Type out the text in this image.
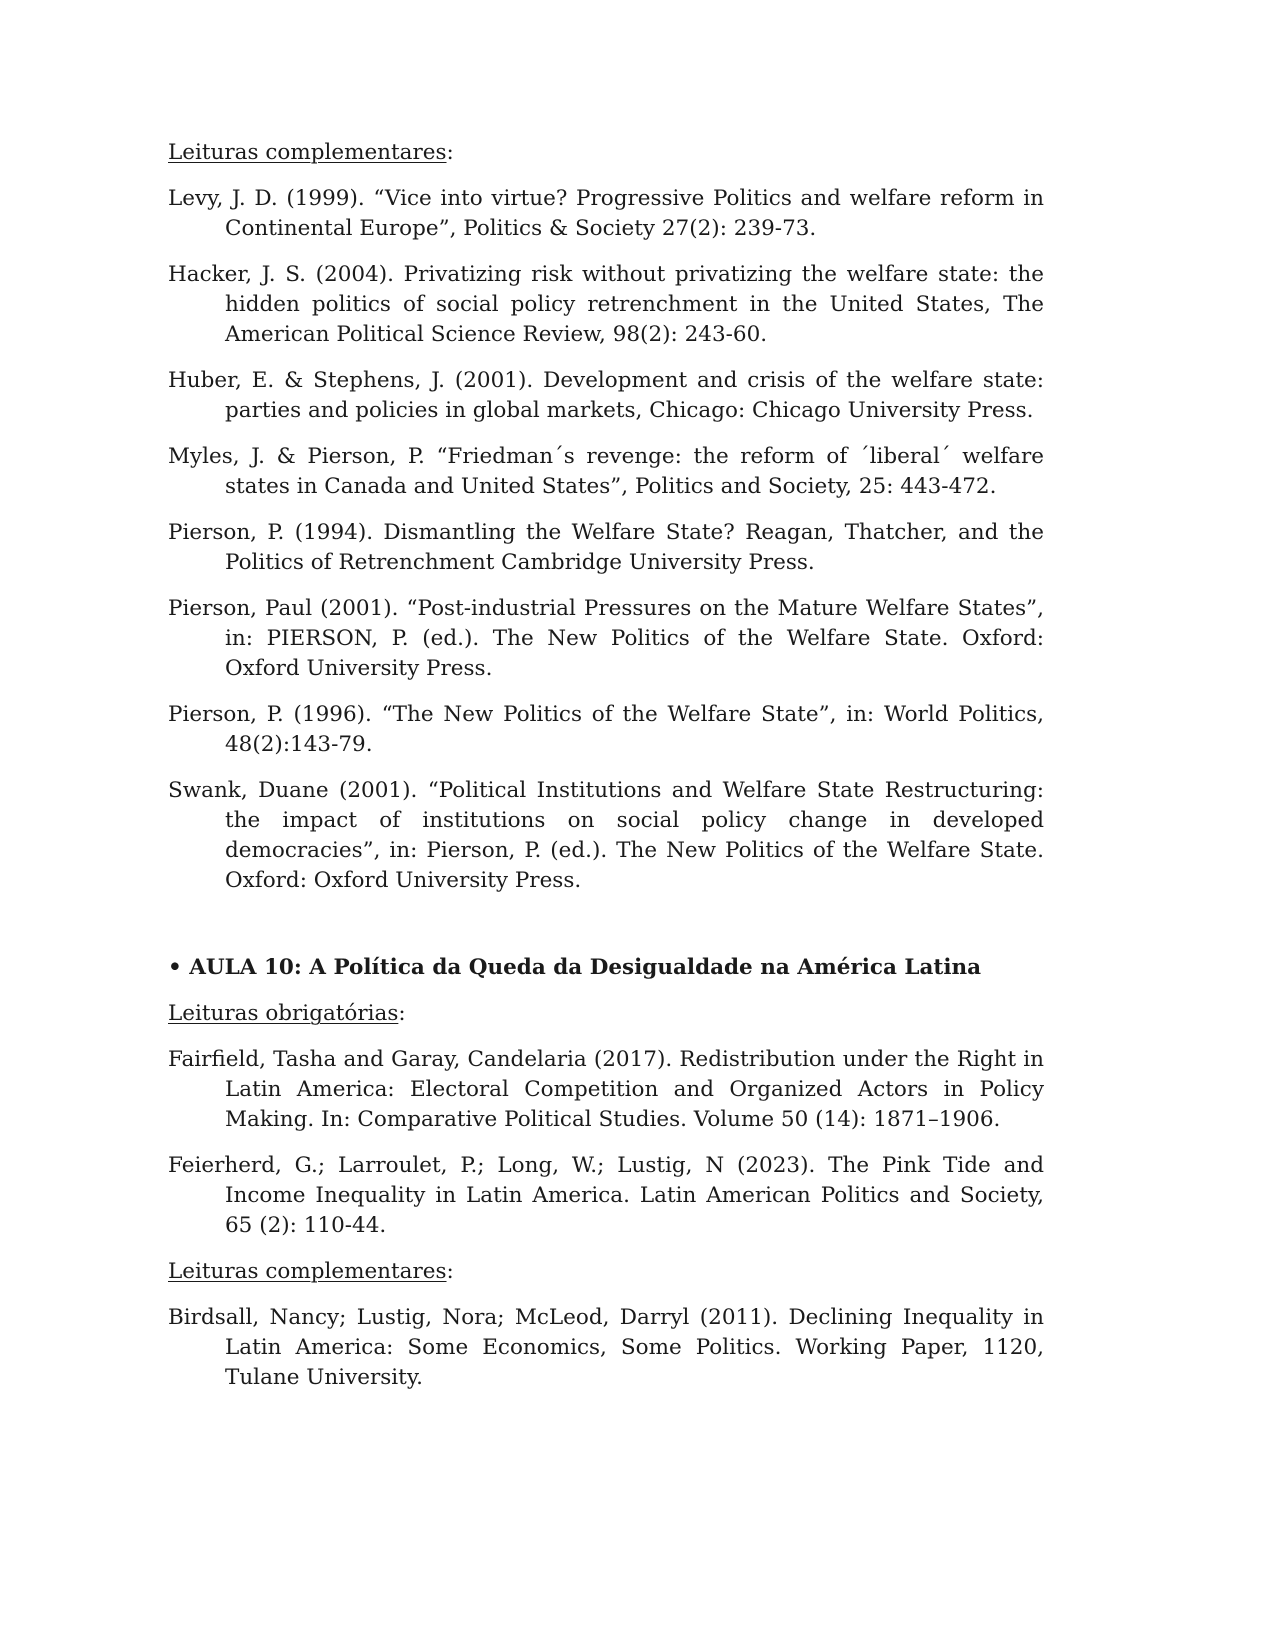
Leituras complementares:

Levy, J. D. (1999). “Vice into virtue? Progressive Politics and welfare reform in Continental Europe”, Politics & Society 27(2): 239-73.

Hacker, J. S. (2004). Privatizing risk without privatizing the welfare state: the hidden politics of social policy retrenchment in the United States, The American Political Science Review, 98(2): 243-60.

Huber, E. & Stephens, J. (2001). Development and crisis of the welfare state: parties and policies in global markets, Chicago: Chicago University Press.

Myles, J. & Pierson, P. “Friedman´s revenge: the reform of ´liberal´ welfare states in Canada and United States”, Politics and Society, 25: 443-472.

Pierson, P. (1994). Dismantling the Welfare State? Reagan, Thatcher, and the Politics of Retrenchment Cambridge University Press.

Pierson, Paul (2001). “Post-industrial Pressures on the Mature Welfare States”, in: PIERSON, P. (ed.). The New Politics of the Welfare State. Oxford: Oxford University Press.

Pierson, P. (1996). “The New Politics of the Welfare State”, in: World Politics, 48(2):143-79.

Swank, Duane (2001). “Political Institutions and Welfare State Restructuring: the impact of institutions on social policy change in developed democracies”, in: Pierson, P. (ed.). The New Politics of the Welfare State. Oxford: Oxford University Press.

• AULA 10: A Política da Queda da Desigualdade na América Latina

Leituras obrigatórias:

Fairfield, Tasha and Garay, Candelaria (2017). Redistribution under the Right in Latin America: Electoral Competition and Organized Actors in Policy Making. In: Comparative Political Studies. Volume 50 (14): 1871–1906.

Feierherd, G.; Larroulet, P.; Long, W.; Lustig, N (2023). The Pink Tide and Income Inequality in Latin America. Latin American Politics and Society, 65 (2): 110-44.

Leituras complementares:

Birdsall, Nancy; Lustig, Nora; McLeod, Darryl (2011). Declining Inequality in Latin America: Some Economics, Some Politics. Working Paper, 1120, Tulane University.
